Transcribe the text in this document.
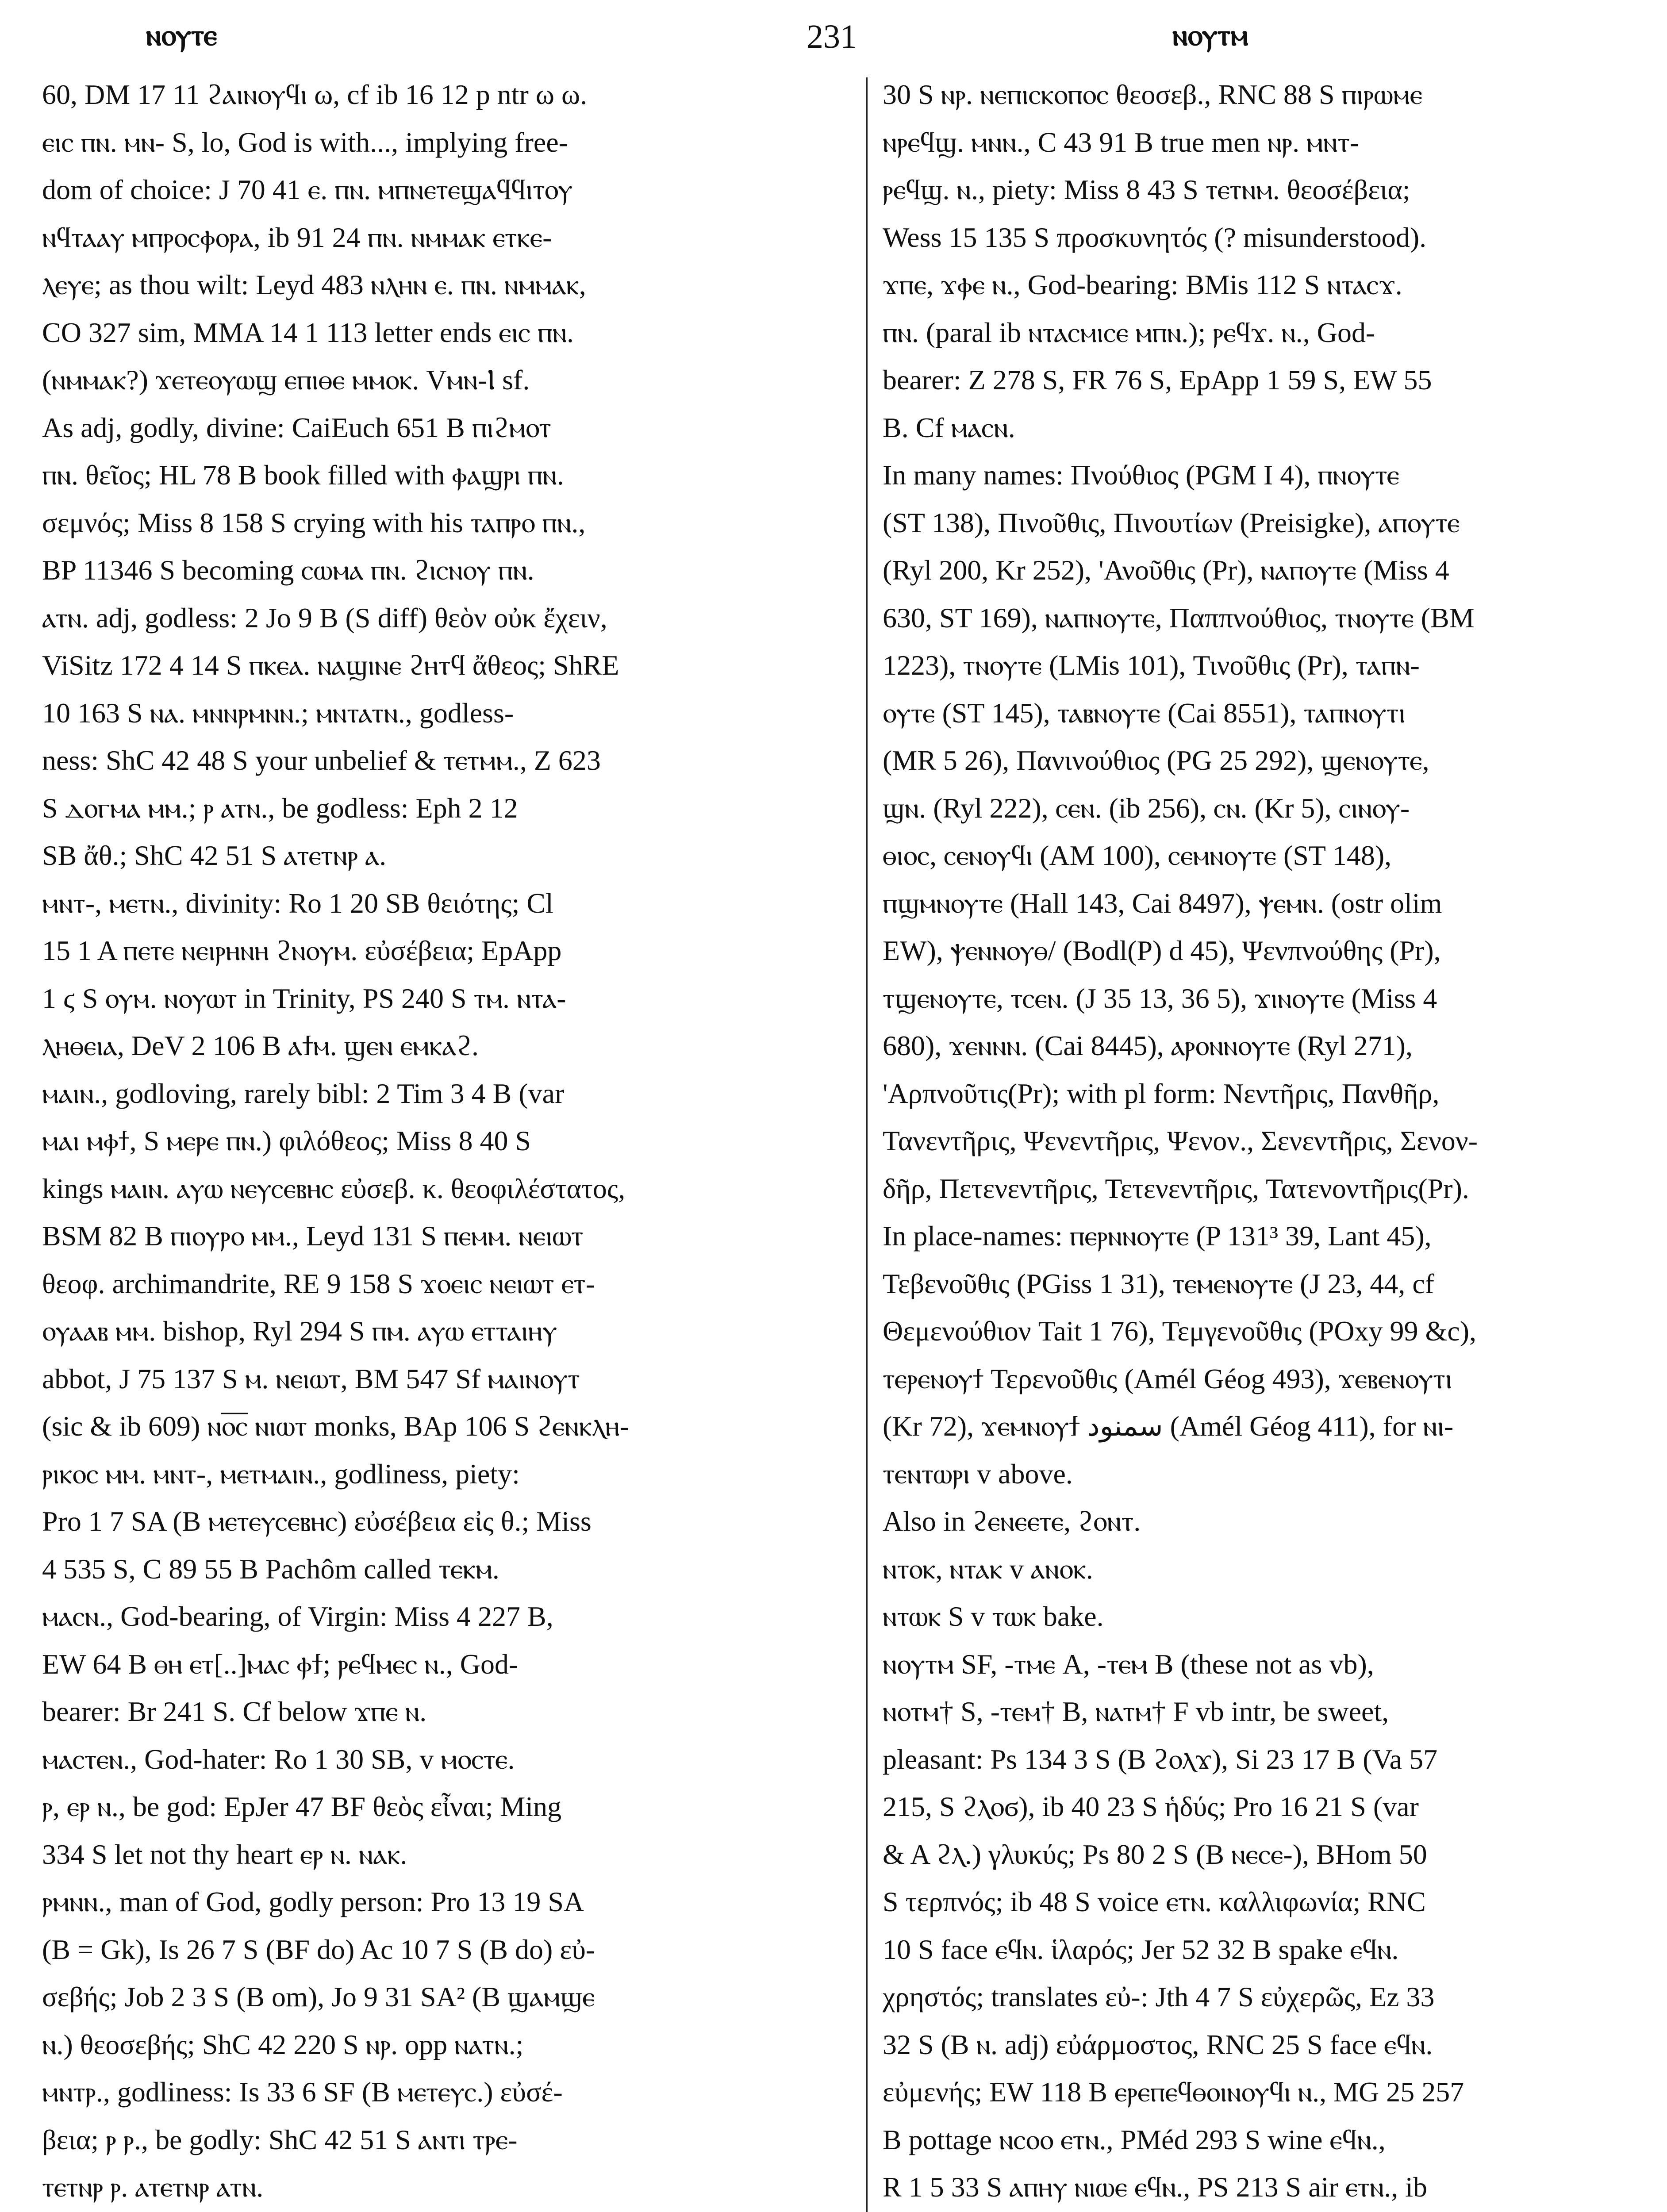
ⲛⲟⲩⲧⲉ	231	ⲛⲟⲩⲧⲙ
60, DM 17 11 ϩⲁⲓⲛⲟⲩϥⲓ ω, cf ib 16 12 p ntr ω ω.
ⲉⲓⲥ ⲡⲛ. ⲙⲛ- S, lo, God is with..., implying free-
dom of choice: J 70 41 ⲉ. ⲡⲛ. ⲙⲡⲛⲉⲧⲉϣⲁϥϥⲓⲧⲟⲩ
ⲛϥⲧⲁⲁⲩ ⲙⲡⲣⲟⲥⲫⲟⲣⲁ, ib 91 24 ⲡⲛ. ⲛⲙⲙⲁⲕ ⲉⲧⲕⲉ-
ⲗⲉⲩⲉ; as thou wilt: Leyd 483 ⲛⲗⲏⲛ ⲉ. ⲡⲛ. ⲛⲙⲙⲁⲕ,
CO 327 sim, MMA 14 1 113 letter ends ⲉⲓⲥ ⲡⲛ.
(ⲛⲙⲙⲁⲕ?) ϫⲉⲧⲉⲟⲩⲱϣ ⲉⲡⲓⲑⲉ ⲙⲙⲟⲕ. Vⲙⲛ-Ⲓ sf.
As adj, godly, divine: CaiEuch 651 B ⲡⲓϩⲙⲟⲧ
ⲡⲛ. θεῖος; HL 78 B book filled with ⲫⲁϣⲣⲓ ⲡⲛ.
σεμνός; Miss 8 158 S crying with his ⲧⲁⲡⲣⲟ ⲡⲛ.,
BP 11346 S becoming ⲥⲱⲙⲁ ⲡⲛ. ϩⲓⲥⲛⲟⲩ ⲡⲛ.
ⲁⲧⲛ. adj, godless: 2 Jo 9 B (S diff) θεὸν οὐκ ἔχειν,
ViSitz 172 4 14 S ⲡⲕⲉⲁ. ⲛⲁϣⲓⲛⲉ ϩⲏⲧϥ ἄθεος; ShRE
10 163 S ⲛⲁ. ⲙⲛⲛⲣⲙⲛⲛ.; ⲙⲛⲧⲁⲧⲛ., godless-
ness: ShC 42 48 S your unbelief & ⲧⲉⲧⲙⲙ., Z 623
S ⲇⲟⲅⲙⲁ ⲙⲙ.; ⲣ ⲁⲧⲛ., be godless: Eph 2 12
SB ἄθ.; ShC 42 51 S ⲁⲧⲉⲧⲛⲣ ⲁ.
ⲙⲛⲧ-, ⲙⲉⲧⲛ., divinity: Ro 1 20 SB θειότης; Cl
15 1 A ⲡⲉⲧⲉ ⲛⲉⲓⲣⲏⲛⲏ ϩⲛⲟⲩⲙ. εὐσέβεια; EpApp
1 ϛ S ⲟⲩⲙ. ⲛⲟⲩⲱⲧ in Trinity, PS 240 S ⲧⲙ. ⲛⲧⲁ-
ⲗⲏⲑⲉⲓⲁ, DeV 2 106 B ⲁϯⲙ. ϣⲉⲛ ⲉⲙⲕⲁϩ.
ⲙⲁⲓⲛ., godloving, rarely bibl: 2 Tim 3 4 B (var
ⲙⲁⲓ ⲙⲫϯ, S ⲙⲉⲣⲉ ⲡⲛ.) φιλόθεος; Miss 8 40 S
kings ⲙⲁⲓⲛ. ⲁⲩⲱ ⲛⲉⲩⲥⲉⲃⲏⲥ εὐσεβ. κ. θεοφιλέστατος,
BSM 82 B ⲡⲓⲟⲩⲣⲟ ⲙⲙ., Leyd 131 S ⲡⲉⲙⲙ. ⲛⲉⲓⲱⲧ
θεοφ. archimandrite, RE 9 158 S ϫⲟⲉⲓⲥ ⲛⲉⲓⲱⲧ ⲉⲧ-
ⲟⲩⲁⲁⲃ ⲙⲙ. bishop, Ryl 294 S ⲡⲙ. ⲁⲩⲱ ⲉⲧⲧⲁⲓⲏⲩ
abbot, J 75 137 S ⲙ. ⲛⲉⲓⲱⲧ, BM 547 Sf ⲙⲁⲓⲛⲟⲩⲧ
(sic & ib 609) ⲛⲟ̅ⲥ̅ ⲛⲓⲱⲧ monks, BAp 106 S ϩⲉⲛⲕⲗⲏ-
ⲣⲓⲕⲟⲥ ⲙⲙ. ⲙⲛⲧ-, ⲙⲉⲧⲙⲁⲓⲛ., godliness, piety:
Pro 1 7 SA (B ⲙⲉⲧⲉⲩⲥⲉⲃⲏⲥ) εὐσέβεια εἰς θ.; Miss
4 535 S, C 89 55 B Pachôm called ⲧⲉⲕⲙ.
ⲙⲁⲥⲛ., God-bearing, of Virgin: Miss 4 227 B,
EW 64 B ⲑⲏ ⲉⲧ[..]ⲙⲁⲥ ⲫϯ; ⲣⲉϥⲙⲉⲥ ⲛ., God-
bearer: Br 241 S. Cf below ϫⲡⲉ ⲛ.
ⲙⲁⲥⲧⲉⲛ., God-hater: Ro 1 30 SB, v ⲙⲟⲥⲧⲉ.
ⲣ, ⲉⲣ ⲛ., be god: EpJer 47 BF θεὸς εἶναι; Ming
334 S let not thy heart ⲉⲣ ⲛ. ⲛⲁⲕ.
ⲣⲙⲛⲛ., man of God, godly person: Pro 13 19 SA
(B = Gk), Is 26 7 S (BF do) Ac 10 7 S (B do) εὐ-
σεβής; Job 2 3 S (B om), Jo 9 31 SA² (B ϣⲁⲙϣⲉ
ⲛ.) θεοσεβής; ShC 42 220 S ⲛⲣ. opp ⲛⲁⲧⲛ.;
ⲙⲛⲧⲣ., godliness: Is 33 6 SF (B ⲙⲉⲧⲉⲩⲥ.) εὐσέ-
βεια; ⲣ ⲣ., be godly: ShC 42 51 S ⲁⲛⲧⲓ ⲧⲣⲉ-
ⲧⲉⲧⲛⲣ ⲣ. ⲁⲧⲉⲧⲛⲣ ⲁⲧⲛ.
30 S ⲛⲣ. ⲛⲉⲡⲓⲥⲕⲟⲡⲟⲥ θεοσεβ., RNC 88 S ⲡⲓⲣⲱⲙⲉ
ⲛⲣⲉϥϣ. ⲙⲛⲛ., C 43 91 B true men ⲛⲣ. ⲙⲛⲧ-
ⲣⲉϥϣ. ⲛ., piety: Miss 8 43 S ⲧⲉⲧⲛⲙ. θεοσέβεια;
Wess 15 135 S προσκυνητός (? misunderstood).
ϫⲡⲉ, ϫⲫⲉ ⲛ., God-bearing: BMis 112 S ⲛⲧⲁⲥϫ.
ⲡⲛ. (paral ib ⲛⲧⲁⲥⲙⲓⲥⲉ ⲙⲡⲛ.); ⲣⲉϥϫ. ⲛ., God-
bearer: Z 278 S, FR 76 S, EpApp 1 59 S, EW 55
B. Cf ⲙⲁⲥⲛ.
In many names: Πνούθιος (PGM I 4), ⲡⲛⲟⲩⲧⲉ
(ST 138), Πινοῦθις, Πινουτίων (Preisigke), ⲁⲡⲟⲩⲧⲉ
(Ryl 200, Kr 252), 'Ανοῦθις (Pr), ⲛⲁⲡⲟⲩⲧⲉ (Miss 4
630, ST 169), ⲛⲁⲡⲛⲟⲩⲧⲉ, Παππνούθιος, ⲧⲛⲟⲩⲧⲉ (BM
1223), ⲧⲛⲟⲩⲧⲉ (LMis 101), Τινοῦθις (Pr), ⲧⲁⲡⲛ-
ⲟⲩⲧⲉ (ST 145), ⲧⲁⲃⲛⲟⲩⲧⲉ (Cai 8551), ⲧⲁⲡⲛⲟⲩⲧⲓ
(MR 5 26), Πανινούθιος (PG 25 292), ϣⲉⲛⲟⲩⲧⲉ,
ϣⲛ. (Ryl 222), ⲥⲉⲛ. (ib 256), ⲥⲛ. (Kr 5), ⲥⲓⲛⲟⲩ-
ⲑⲓⲟⲥ, ⲥⲉⲛⲟⲩϥⲓ (AM 100), ⲥⲉⲙⲛⲟⲩⲧⲉ (ST 148),
ⲡϣⲙⲛⲟⲩⲧⲉ (Hall 143, Cai 8497), ⲯⲉⲙⲛ. (ostr olim
EW), ⲯⲉⲛⲛⲟⲩⲑ/ (Bodl(P) d 45), Ψενπνούθης (Pr),
ⲧϣⲉⲛⲟⲩⲧⲉ, ⲧⲥⲉⲛ. (J 35 13, 36 5), ϫⲓⲛⲟⲩⲧⲉ (Miss 4
680), ϫⲉⲛⲛⲛ. (Cai 8445), ⲁⲣⲟⲛⲛⲟⲩⲧⲉ (Ryl 271),
'Αρπνοῦτις(Pr); with pl form: Νεντῆρις, Πανθῆρ,
Τανεντῆρις, Ψενεντῆρις, Ψενον., Σενεντῆρις, Σενον-
δῆρ, Πετενεντῆρις, Τετενεντῆρις, Τατενοντῆρις(Pr).
In place-names: ⲡⲉⲣⲛⲛⲟⲩⲧⲉ (P 131³ 39, Lant 45),
Τεβενοῦθις (PGiss 1 31), ⲧⲉⲙⲉⲛⲟⲩⲧⲉ (J 23, 44, cf
Θεμενούθιον Tait 1 76), Τεμγενοῦθις (POxy 99 &c),
ⲧⲉⲣⲉⲛⲟⲩϯ Τερενοῦθις (Amél Géog 493), ϫⲉⲃⲉⲛⲟⲩⲧⲓ
(Kr 72), ϫⲉⲙⲛⲟⲩϯ سمنود (Amél Géog 411), for ⲛⲓ-
ⲧⲉⲛⲧⲱⲣⲓ v above.
Also in ϩⲉⲛⲉⲉⲧⲉ, ϩⲟⲛⲧ.
ⲛⲧⲟⲕ, ⲛⲧⲁⲕ v ⲁⲛⲟⲕ.
ⲛⲧⲱⲕ S v ⲧⲱⲕ bake.
ⲛⲟⲩⲧⲙ SF, -ⲧⲙⲉ A, -ⲧⲉⲙ B (these not as vb),
ⲛⲟⲧⲙ† S, -ⲧⲉⲙ† B, ⲛⲁⲧⲙ† F vb intr, be sweet,
pleasant: Ps 134 3 S (B ϩⲟⲗϫ), Si 23 17 B (Va 57
215, S ϩⲗⲟϭ), ib 40 23 S ἡδύς; Pro 16 21 S (var
& A ϩⲗ.) γλυκύς; Ps 80 2 S (B ⲛⲉⲥⲉ-), BHom 50
S τερπνός; ib 48 S voice ⲉⲧⲛ. καλλιφωνία; RNC
10 S face ⲉϥⲛ. ἱλαρός; Jer 52 32 B spake ⲉϥⲛ.
χρηστός; translates εὐ-: Jth 4 7 S εὐχερῶς, Ez 33
32 S (B ⲛ. adj) εὐάρμοστος, RNC 25 S face ⲉϥⲛ.
εὐμενής; EW 118 B ⲉⲣⲉⲡⲉϥⲑⲟⲓⲛⲟⲩϥⲓ ⲛ., MG 25 257
B pottage ⲛⲥⲟⲟ ⲉⲧⲛ., PMéd 293 S wine ⲉϥⲛ.,
R 1 5 33 S ⲁⲡⲏⲩ ⲛⲓⲱⲉ ⲉϥⲛ., PS 213 S air ⲉⲧⲛ., ib
